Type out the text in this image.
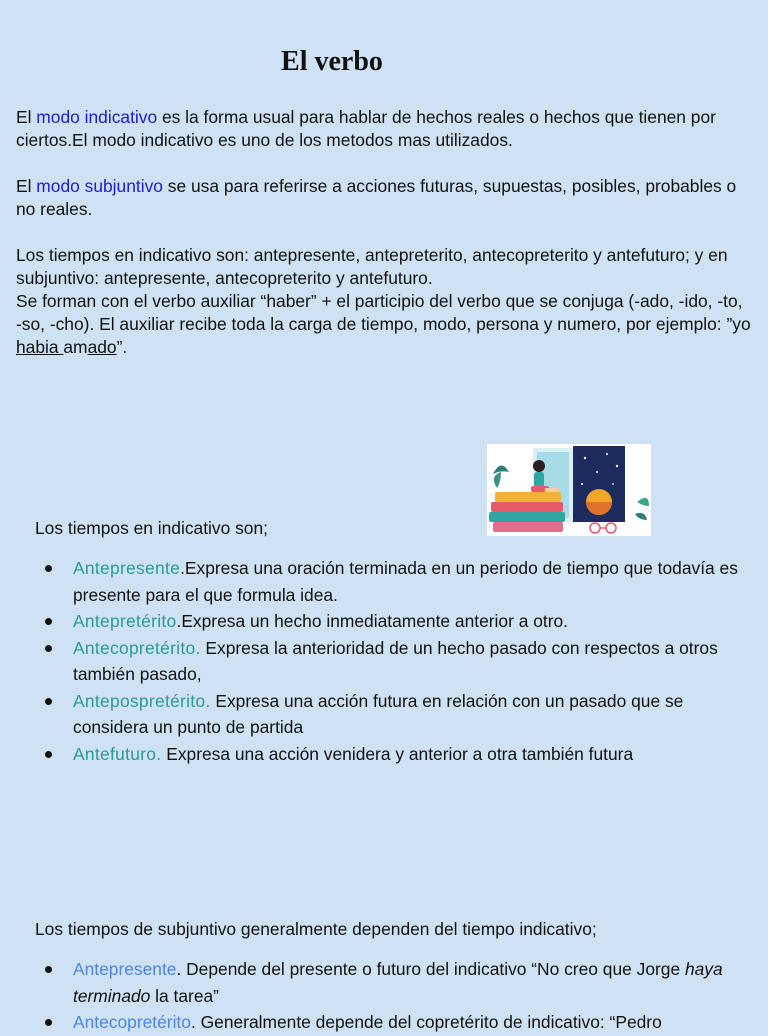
El verbo

El modo indicativo es la forma usual para hablar de hechos reales o hechos que tienen por ciertos.El modo indicativo es uno de los metodos mas utilizados.

El modo subjuntivo se usa para referirse a acciones futuras, supuestas, posibles, probables o no reales.

Los tiempos en indicativo son: antepresente, antepreterito, antecopreterito y antefuturo; y en subjuntivo: antepresente, antecopreterito y antefuturo.
Se forman con el verbo auxiliar “haber” + el participio del verbo que se conjuga (-ado, -ido, -to, -so, -cho). El auxiliar recibe toda la carga de tiempo, modo, persona y numero, por ejemplo: ”yo habia amado”.

Los tiempos en indicativo son;

Antepresente.Expresa una oración terminada en un periodo de tiempo que todavía es presente para el que formula idea.
Antepretérito.Expresa un hecho inmediatamente anterior a otro.
Antecopretérito. Expresa la anterioridad de un hecho pasado con respectos a otros también pasado,
Antepospretérito. Expresa una acción futura en relación con un pasado que se considera un punto de partida
Antefuturo. Expresa una acción venidera y anterior a otra también futura

Los tiempos de subjuntivo generalmente dependen del tiempo indicativo;

Antepresente. Depende del presente o futuro del indicativo “No creo que Jorge haya terminado la tarea”
Antecopretérito. Generalmente depende del copretérito de indicativo: “Pedro
